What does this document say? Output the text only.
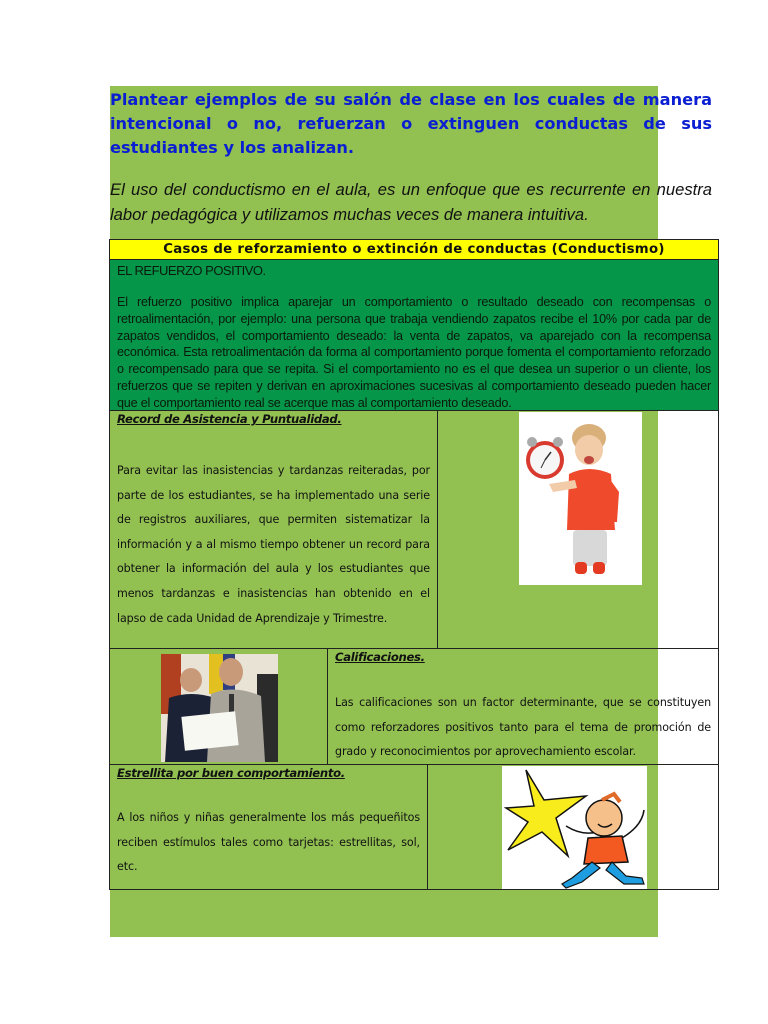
Plantear ejemplos de su salón de clase en los cuales de manera intencional o no, refuerzan o extinguen conductas de sus estudiantes y los analizan.
El uso del conductismo en el aula, es un enfoque que es recurrente en nuestra labor pedagógica y utilizamos muchas veces de manera intuitiva.
Casos de reforzamiento o extinción de conductas (Conductismo)
EL REFUERZO POSITIVO.
El refuerzo positivo implica aparejar un comportamiento o resultado deseado con recompensas o retroalimentación, por ejemplo: una persona que trabaja vendiendo zapatos recibe el 10% por cada par de zapatos vendidos, el comportamiento deseado: la venta de zapatos, va aparejado con la recompensa económica. Esta retroalimentación da forma al comportamiento porque fomenta el comportamiento reforzado o recompensado para que se repita. Si el comportamiento no es el que desea un superior o un cliente, los refuerzos que se repiten y derivan en aproximaciones sucesivas al comportamiento deseado pueden hacer que el comportamiento real se acerque mas al comportamiento deseado.
Record de Asistencia y Puntualidad.
Para evitar las inasistencias y tardanzas reiteradas, por parte de los estudiantes, se ha implementado una serie de registros auxiliares, que permiten sistematizar la información y a al mismo tiempo obtener un record para obtener la información del aula y los estudiantes que menos tardanzas e inasistencias han obtenido en el lapso de cada Unidad de Aprendizaje y Trimestre.
Calificaciones.
Las calificaciones son un factor determinante, que se constituyen como reforzadores positivos tanto para el tema de promoción de grado y reconocimientos por aprovechamiento escolar.
Estrellita por buen comportamiento.
A los niños y niñas generalmente los más pequeñitos reciben estímulos tales como tarjetas: estrellitas, sol, etc.
